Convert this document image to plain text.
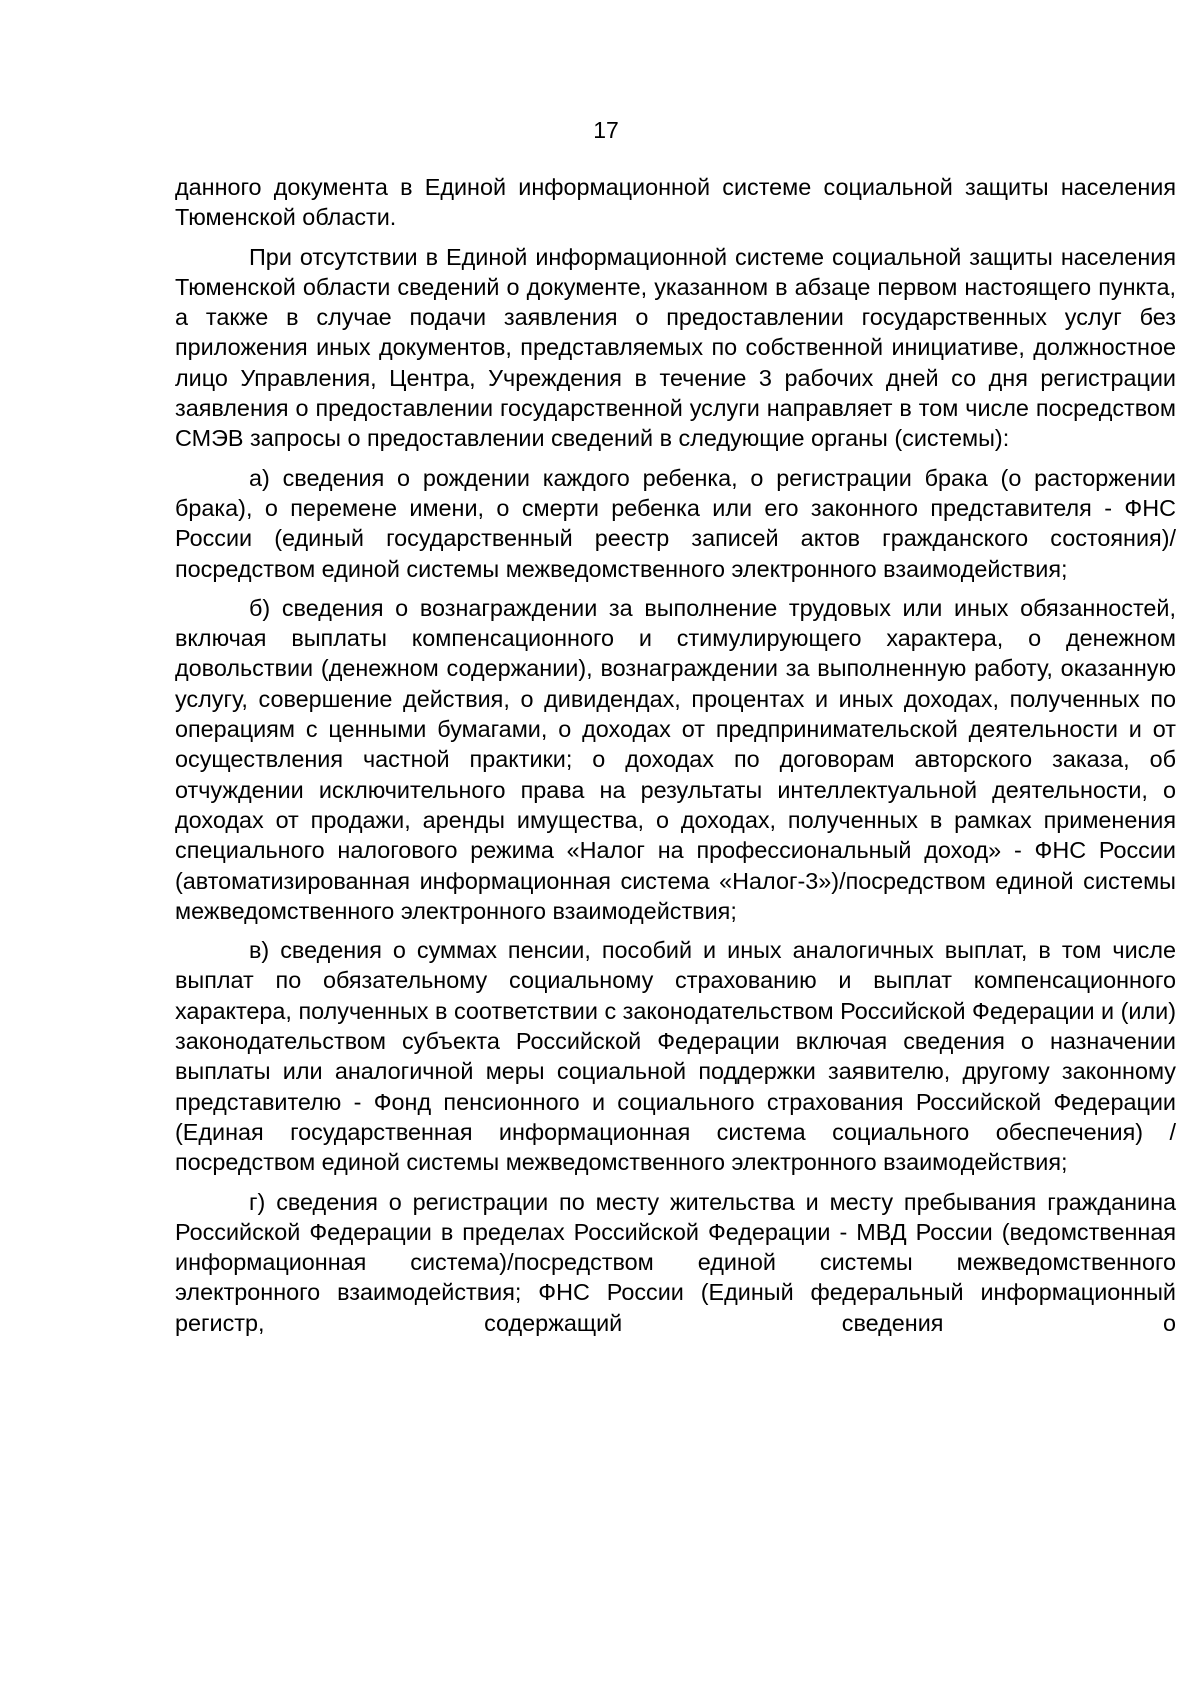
17

данного документа в Единой информационной системе социальной защиты населения Тюменской области.

При отсутствии в Единой информационной системе социальной защиты населения Тюменской области сведений о документе, указанном в абзаце первом настоящего пункта, а также в случае подачи заявления о предоставлении государственных услуг без приложения иных документов, представляемых по собственной инициативе, должностное лицо Управления, Центра, Учреждения в течение 3 рабочих дней со дня регистрации заявления о предоставлении государственной услуги направляет в том числе посредством СМЭВ запросы о предоставлении сведений в следующие органы (системы):

а) сведения о рождении каждого ребенка, о регистрации брака (о расторжении брака), о перемене имени, о смерти ребенка или его законного представителя - ФНС России (единый государственный реестр записей актов гражданского состояния)/посредством единой системы межведомственного электронного взаимодействия;

б) сведения о вознаграждении за выполнение трудовых или иных обязанностей, включая выплаты компенсационного и стимулирующего характера, о денежном довольствии (денежном содержании), вознаграждении за выполненную работу, оказанную услугу, совершение действия, о дивидендах, процентах и иных доходах, полученных по операциям с ценными бумагами, о доходах от предпринимательской деятельности и от осуществления частной практики; о доходах по договорам авторского заказа, об отчуждении исключительного права на результаты интеллектуальной деятельности, о доходах от продажи, аренды имущества, о доходах, полученных в рамках применения специального налогового режима «Налог на профессиональный доход» - ФНС России (автоматизированная информационная система «Налог-3»)/посредством единой системы межведомственного электронного взаимодействия;

в) сведения о суммах пенсии, пособий и иных аналогичных выплат, в том числе выплат по обязательному социальному страхованию и выплат компенсационного характера, полученных в соответствии с законодательством Российской Федерации и (или) законодательством субъекта Российской Федерации включая сведения о назначении выплаты или аналогичной меры социальной поддержки заявителю, другому законному представителю - Фонд пенсионного и социального страхования Российской Федерации (Единая государственная информационная система социального обеспечения) / посредством единой системы межведомственного электронного взаимодействия;

г) сведения о регистрации по месту жительства и месту пребывания гражданина Российской Федерации в пределах Российской Федерации - МВД России (ведомственная информационная система)/посредством единой системы межведомственного электронного взаимодействия; ФНС России (Единый федеральный информационный регистр, содержащий сведения о
